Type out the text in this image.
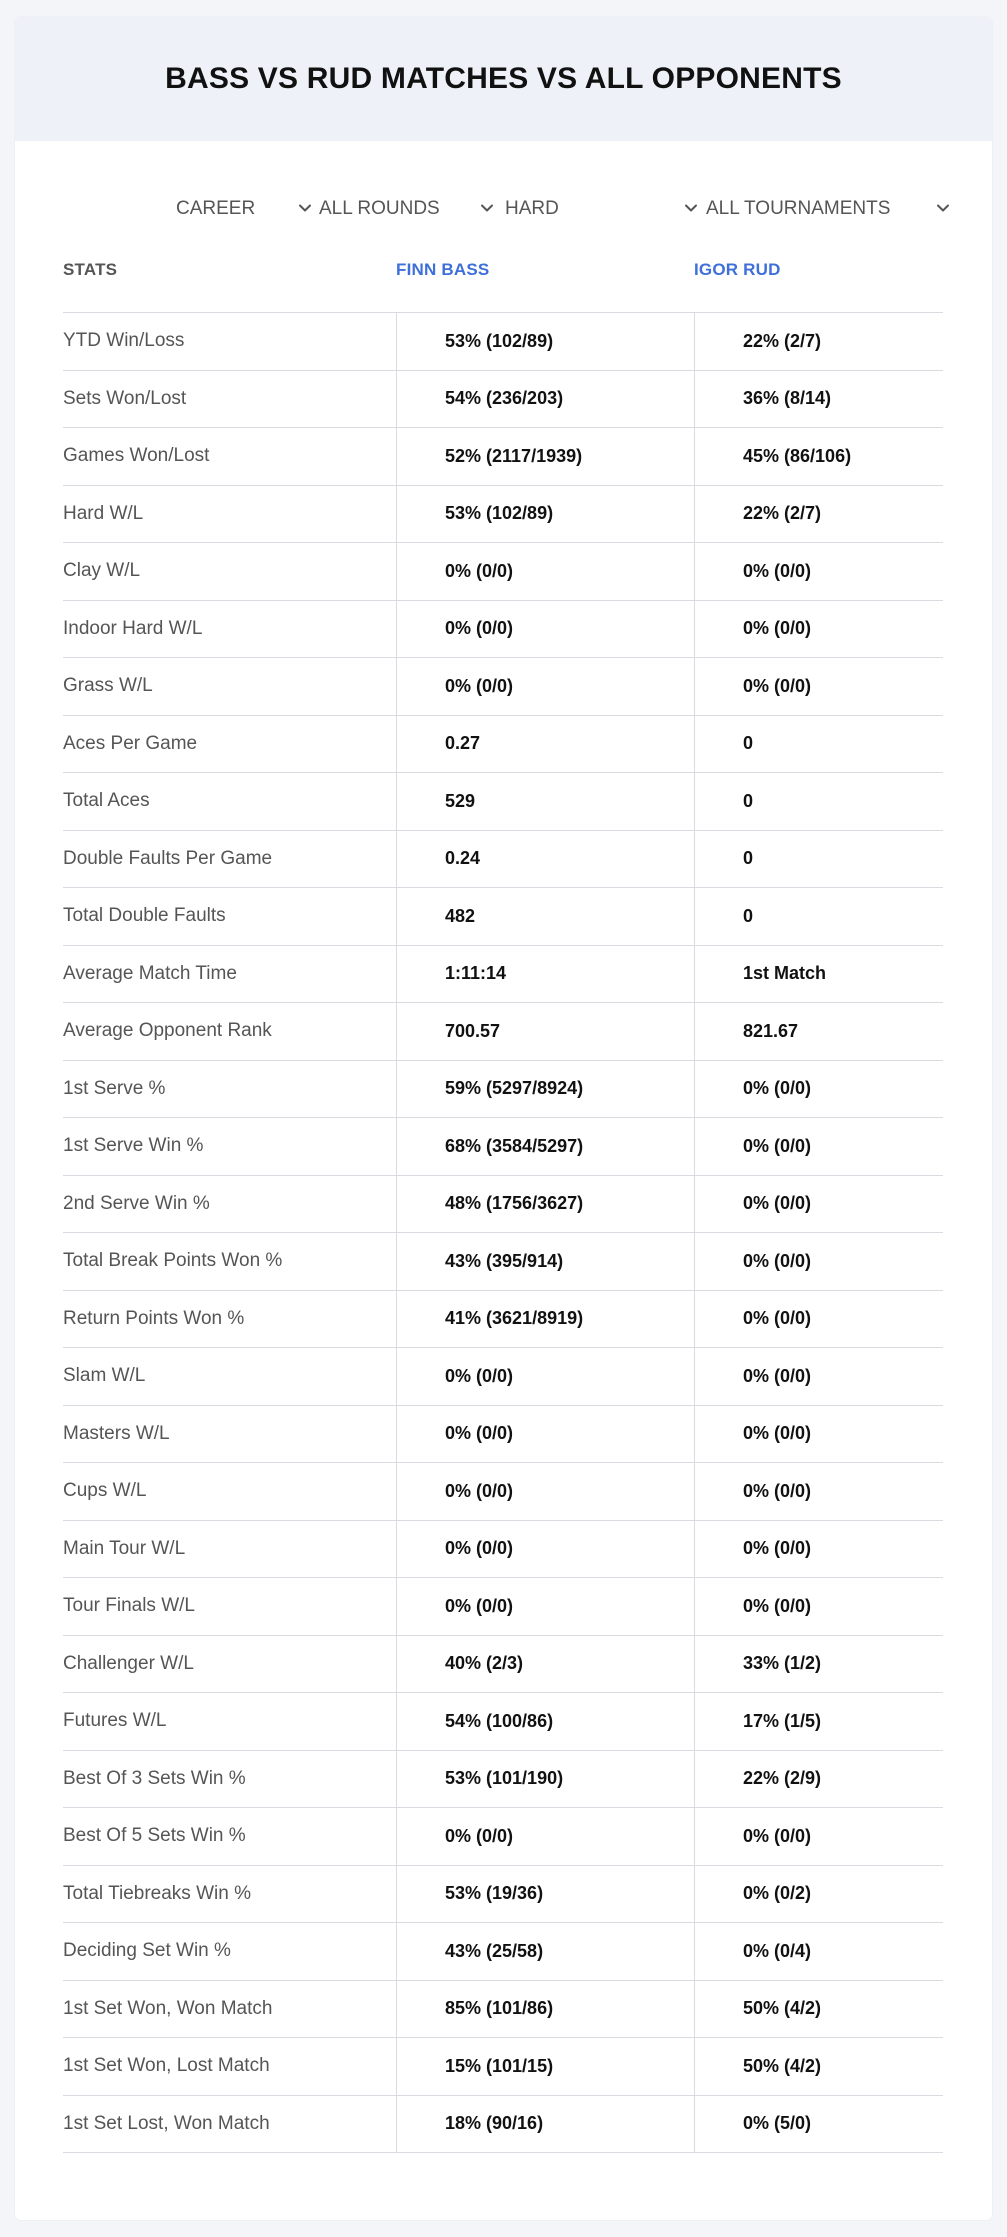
BASS VS RUD MATCHES VS ALL OPPONENTS
CAREER	ALL ROUNDS	HARD	ALL TOURNAMENTS
STATS	FINN BASS	IGOR RUD
YTD Win/Loss	53% (102/89)	22% (2/7)
Sets Won/Lost	54% (236/203)	36% (8/14)
Games Won/Lost	52% (2117/1939)	45% (86/106)
Hard W/L	53% (102/89)	22% (2/7)
Clay W/L	0% (0/0)	0% (0/0)
Indoor Hard W/L	0% (0/0)	0% (0/0)
Grass W/L	0% (0/0)	0% (0/0)
Aces Per Game	0.27	0
Total Aces	529	0
Double Faults Per Game	0.24	0
Total Double Faults	482	0
Average Match Time	1:11:14	1st Match
Average Opponent Rank	700.57	821.67
1st Serve %	59% (5297/8924)	0% (0/0)
1st Serve Win %	68% (3584/5297)	0% (0/0)
2nd Serve Win %	48% (1756/3627)	0% (0/0)
Total Break Points Won %	43% (395/914)	0% (0/0)
Return Points Won %	41% (3621/8919)	0% (0/0)
Slam W/L	0% (0/0)	0% (0/0)
Masters W/L	0% (0/0)	0% (0/0)
Cups W/L	0% (0/0)	0% (0/0)
Main Tour W/L	0% (0/0)	0% (0/0)
Tour Finals W/L	0% (0/0)	0% (0/0)
Challenger W/L	40% (2/3)	33% (1/2)
Futures W/L	54% (100/86)	17% (1/5)
Best Of 3 Sets Win %	53% (101/190)	22% (2/9)
Best Of 5 Sets Win %	0% (0/0)	0% (0/0)
Total Tiebreaks Win %	53% (19/36)	0% (0/2)
Deciding Set Win %	43% (25/58)	0% (0/4)
1st Set Won, Won Match	85% (101/86)	50% (4/2)
1st Set Won, Lost Match	15% (101/15)	50% (4/2)
1st Set Lost, Won Match	18% (90/16)	0% (5/0)
